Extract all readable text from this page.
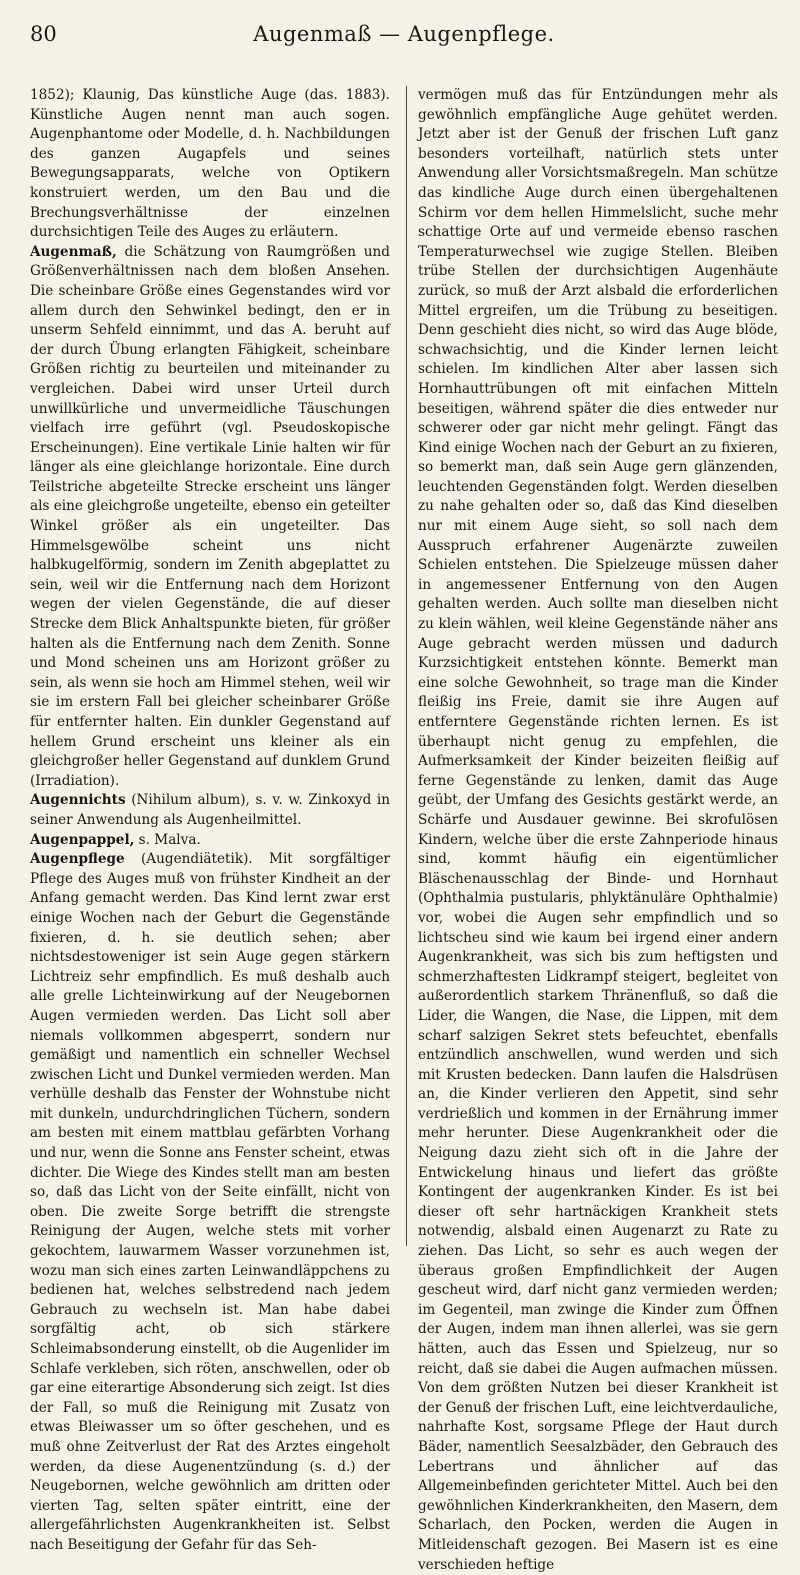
80	Augenmaß — Augenpflege.

1852); Klaunig, Das künstliche Auge (das. 1883). Künstliche Augen nennt man auch sogen. Augenphantome oder Modelle, d. h. Nachbildungen des ganzen Augapfels und seines Bewegungsapparats, welche von Optikern konstruiert werden, um den Bau und die Brechungsverhältnisse der einzelnen durchsichtigen Teile des Auges zu erläutern.

Augenmaß, die Schätzung von Raumgrößen und Größenverhältnissen nach dem bloßen Ansehen. Die scheinbare Größe eines Gegenstandes wird vor allem durch den Sehwinkel bedingt, den er in unserm Sehfeld einnimmt, und das A. beruht auf der durch Übung erlangten Fähigkeit, scheinbare Größen richtig zu beurteilen und miteinander zu vergleichen. Dabei wird unser Urteil durch unwillkürliche und unvermeidliche Täuschungen vielfach irre geführt (vgl. Pseudoskopische Erscheinungen). Eine vertikale Linie halten wir für länger als eine gleichlange horizontale. Eine durch Teilstriche abgeteilte Strecke erscheint uns länger als eine gleichgroße ungeteilte, ebenso ein geteilter Winkel größer als ein ungeteilter. Das Himmelsgewölbe scheint uns nicht halbkugelförmig, sondern im Zenith abgeplattet zu sein, weil wir die Entfernung nach dem Horizont wegen der vielen Gegenstände, die auf dieser Strecke dem Blick Anhaltspunkte bieten, für größer halten als die Entfernung nach dem Zenith. Sonne und Mond scheinen uns am Horizont größer zu sein, als wenn sie hoch am Himmel stehen, weil wir sie im erstern Fall bei gleicher scheinbarer Größe für entfernter halten. Ein dunkler Gegenstand auf hellem Grund erscheint uns kleiner als ein gleichgroßer heller Gegenstand auf dunklem Grund (Irradiation).

Augennichts (Nihilum album), s. v. w. Zinkoxyd in seiner Anwendung als Augenheilmittel.

Augenpappel, s. Malva.

Augenpflege (Augendiätetik). Mit sorgfältiger Pflege des Auges muß von frühster Kindheit an der Anfang gemacht werden. Das Kind lernt zwar erst einige Wochen nach der Geburt die Gegenstände fixieren, d. h. sie deutlich sehen; aber nichtsdestoweniger ist sein Auge gegen stärkern Lichtreiz sehr empfindlich. Es muß deshalb auch alle grelle Lichteinwirkung auf der Neugebornen Augen vermieden werden. Das Licht soll aber niemals vollkommen abgesperrt, sondern nur gemäßigt und namentlich ein schneller Wechsel zwischen Licht und Dunkel vermieden werden. Man verhülle deshalb das Fenster der Wohnstube nicht mit dunkeln, undurchdringlichen Tüchern, sondern am besten mit einem mattblau gefärbten Vorhang und nur, wenn die Sonne ans Fenster scheint, etwas dichter. Die Wiege des Kindes stellt man am besten so, daß das Licht von der Seite einfällt, nicht von oben. Die zweite Sorge betrifft die strengste Reinigung der Augen, welche stets mit vorher gekochtem, lauwarmem Wasser vorzunehmen ist, wozu man sich eines zarten Leinwandläppchens zu bedienen hat, welches selbstredend nach jedem Gebrauch zu wechseln ist. Man habe dabei sorgfältig acht, ob sich stärkere Schleimabsonderung einstellt, ob die Augenlider im Schlafe verkleben, sich röten, anschwellen, oder ob gar eine eiterartige Absonderung sich zeigt. Ist dies der Fall, so muß die Reinigung mit Zusatz von etwas Bleiwasser um so öfter geschehen, und es muß ohne Zeitverlust der Rat des Arztes eingeholt werden, da diese Augenentzündung (s. d.) der Neugebornen, welche gewöhnlich am dritten oder vierten Tag, selten später eintritt, eine der allergefährlichsten Augenkrankheiten ist. Selbst nach Beseitigung der Gefahr für das Seh-

vermögen muß das für Entzündungen mehr als gewöhnlich empfängliche Auge gehütet werden. Jetzt aber ist der Genuß der frischen Luft ganz besonders vorteilhaft, natürlich stets unter Anwendung aller Vorsichtsmaßregeln. Man schütze das kindliche Auge durch einen übergehaltenen Schirm vor dem hellen Himmelslicht, suche mehr schattige Orte auf und vermeide ebenso raschen Temperaturwechsel wie zugige Stellen. Bleiben trübe Stellen der durchsichtigen Augenhäute zurück, so muß der Arzt alsbald die erforderlichen Mittel ergreifen, um die Trübung zu beseitigen. Denn geschieht dies nicht, so wird das Auge blöde, schwachsichtig, und die Kinder lernen leicht schielen. Im kindlichen Alter aber lassen sich Hornhauttrübungen oft mit einfachen Mitteln beseitigen, während später die dies entweder nur schwerer oder gar nicht mehr gelingt. Fängt das Kind einige Wochen nach der Geburt an zu fixieren, so bemerkt man, daß sein Auge gern glänzenden, leuchtenden Gegenständen folgt. Werden dieselben zu nahe gehalten oder so, daß das Kind dieselben nur mit einem Auge sieht, so soll nach dem Ausspruch erfahrener Augenärzte zuweilen Schielen entstehen. Die Spielzeuge müssen daher in angemessener Entfernung von den Augen gehalten werden. Auch sollte man dieselben nicht zu klein wählen, weil kleine Gegenstände näher ans Auge gebracht werden müssen und dadurch Kurzsichtigkeit entstehen könnte. Bemerkt man eine solche Gewohnheit, so trage man die Kinder fleißig ins Freie, damit sie ihre Augen auf entferntere Gegenstände richten lernen. Es ist überhaupt nicht genug zu empfehlen, die Aufmerksamkeit der Kinder beizeiten fleißig auf ferne Gegenstände zu lenken, damit das Auge geübt, der Umfang des Gesichts gestärkt werde, an Schärfe und Ausdauer gewinne. Bei skrofulösen Kindern, welche über die erste Zahnperiode hinaus sind, kommt häufig ein eigentümlicher Bläschenausschlag der Binde- und Hornhaut (Ophthalmia pustularis, phlyktänuläre Ophthalmie) vor, wobei die Augen sehr empfindlich und so lichtscheu sind wie kaum bei irgend einer andern Augenkrankheit, was sich bis zum heftigsten und schmerzhaftesten Lidkrampf steigert, begleitet von außerordentlich starkem Thränenfluß, so daß die Lider, die Wangen, die Nase, die Lippen, mit dem scharf salzigen Sekret stets befeuchtet, ebenfalls entzündlich anschwellen, wund werden und sich mit Krusten bedecken. Dann laufen die Halsdrüsen an, die Kinder verlieren den Appetit, sind sehr verdrießlich und kommen in der Ernährung immer mehr herunter. Diese Augenkrankheit oder die Neigung dazu zieht sich oft in die Jahre der Entwickelung hinaus und liefert das größte Kontingent der augenkranken Kinder. Es ist bei dieser oft sehr hartnäckigen Krankheit stets notwendig, alsbald einen Augenarzt zu Rate zu ziehen. Das Licht, so sehr es auch wegen der überaus großen Empfindlichkeit der Augen gescheut wird, darf nicht ganz vermieden werden; im Gegenteil, man zwinge die Kinder zum Öffnen der Augen, indem man ihnen allerlei, was sie gern hätten, auch das Essen und Spielzeug, nur so reicht, daß sie dabei die Augen aufmachen müssen. Von dem größten Nutzen bei dieser Krankheit ist der Genuß der frischen Luft, eine leichtverdauliche, nahrhafte Kost, sorgsame Pflege der Haut durch Bäder, namentlich Seesalzbäder, den Gebrauch des Lebertrans und ähnlicher auf das Allgemeinbefinden gerichteter Mittel. Auch bei den gewöhnlichen Kinderkrankheiten, den Masern, dem Scharlach, den Pocken, werden die Augen in Mitleidenschaft gezogen. Bei Masern ist es eine verschieden heftige
